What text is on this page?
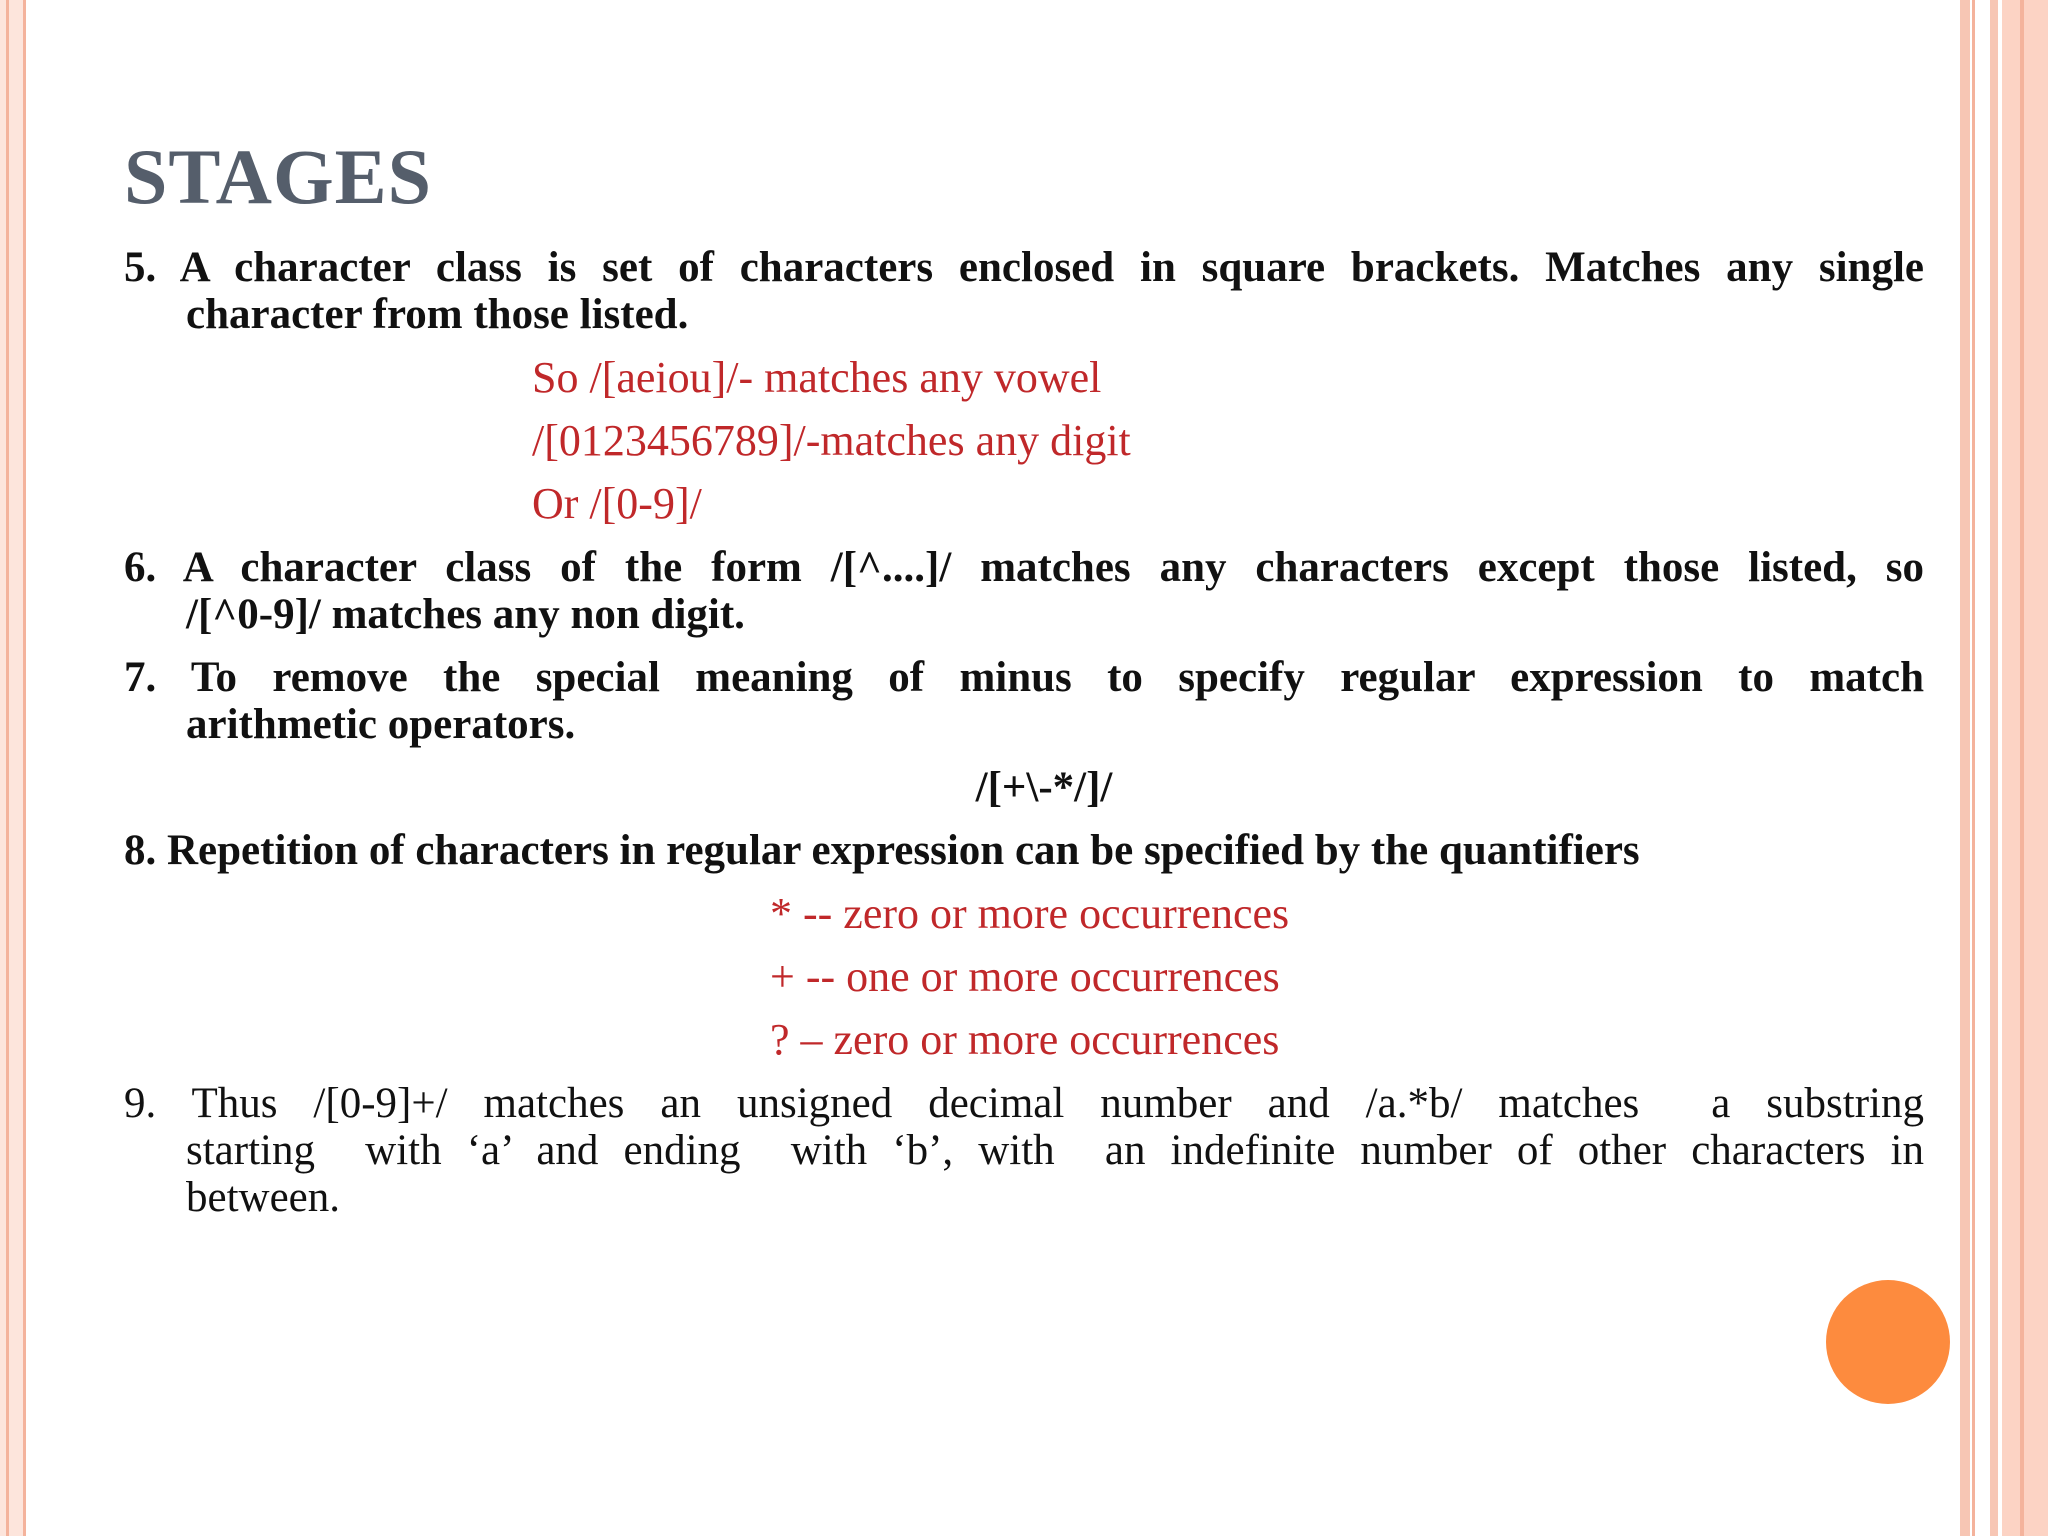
STAGES
5. A character class is set of characters enclosed in square brackets. Matches any single
character from those listed.
So /[aeiou]/- matches any vowel
/[0123456789]/-matches any digit
Or /[0-9]/
6. A character class of the form /[^....]/ matches any characters except those listed, so
/[^0-9]/ matches any non digit.
7. To remove the special meaning of minus to specify regular expression to match
arithmetic operators.
/[+\-*/]/
8. Repetition of characters in regular expression can be specified by the quantifiers
* -- zero or more occurrences
+ -- one or more occurrences
? – zero or more occurrences
9. Thus /[0-9]+/ matches an unsigned decimal number and /a.*b/ matches  a substring
starting  with ‘a’ and ending  with ‘b’, with  an indefinite number of other characters in
between.
